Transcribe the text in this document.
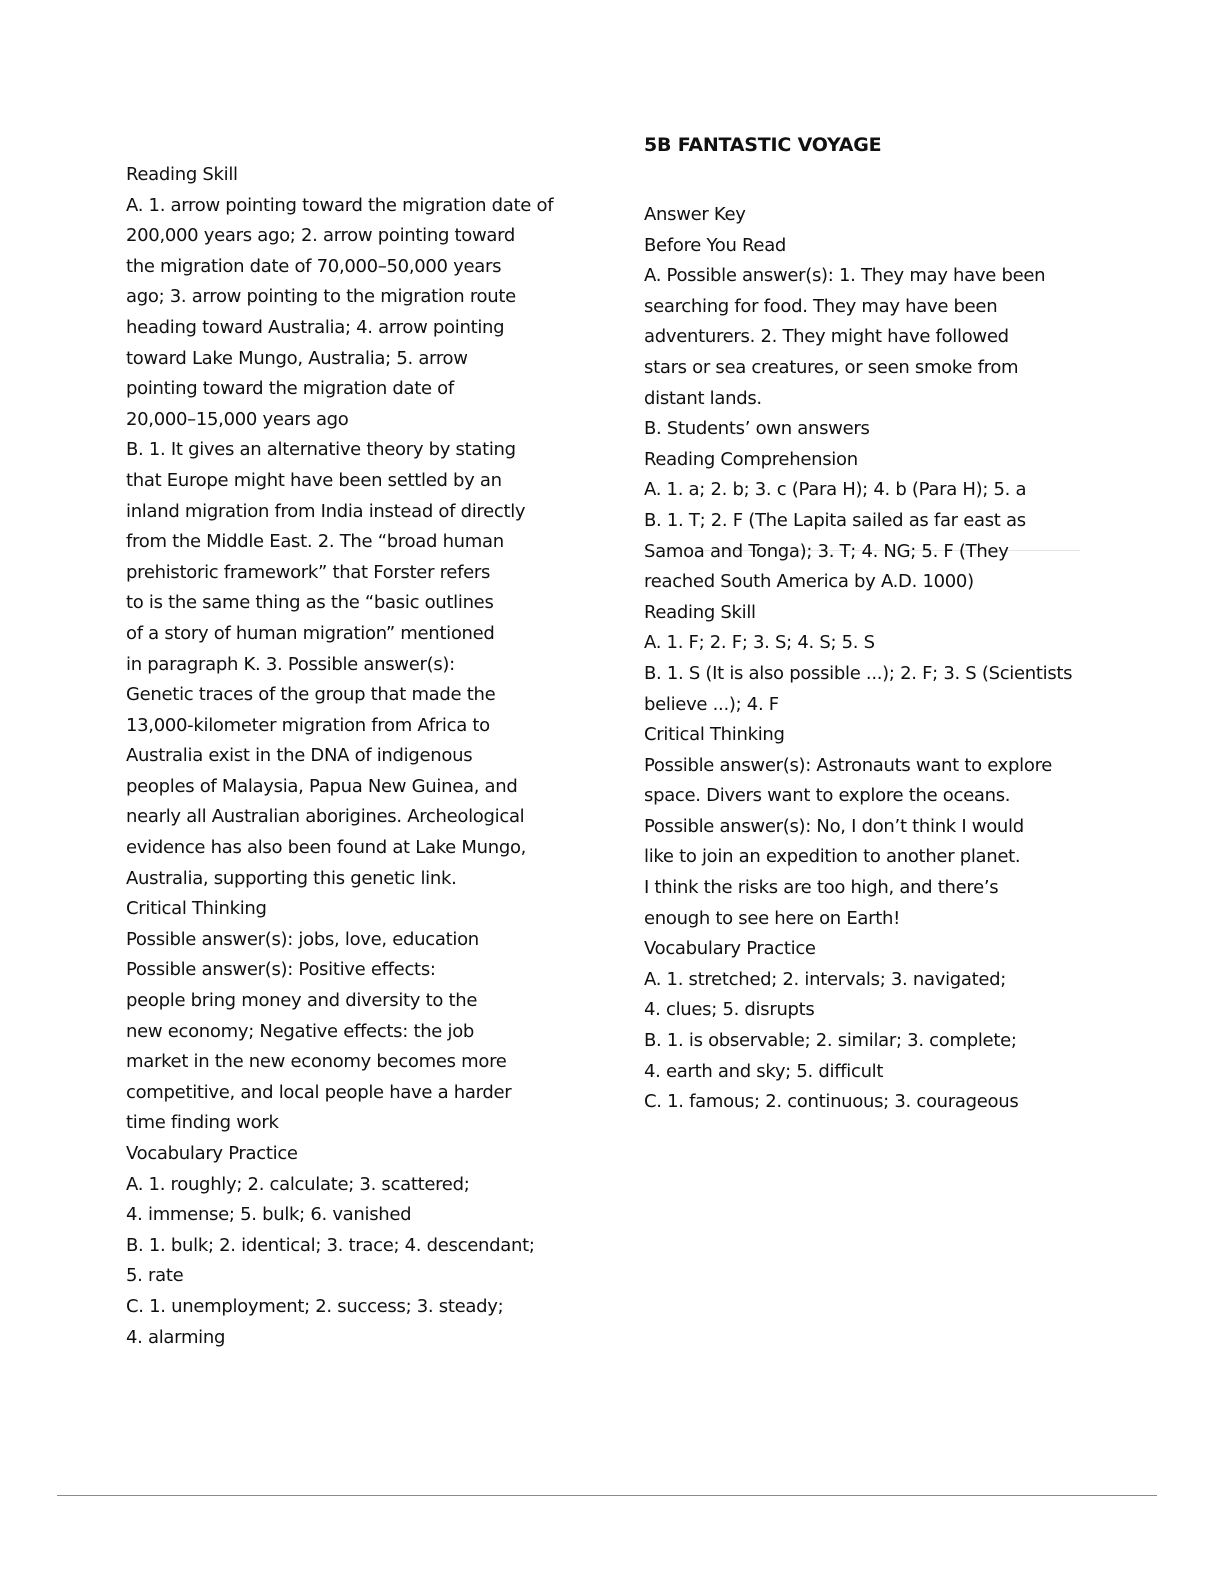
5B FANTASTIC VOYAGE
Reading Skill
A. 1. arrow pointing toward the migration date of
200,000 years ago; 2. arrow pointing toward
the migration date of 70,000–50,000 years
ago; 3. arrow pointing to the migration route
heading toward Australia; 4. arrow pointing
toward Lake Mungo, Australia; 5. arrow
pointing toward the migration date of
20,000–15,000 years ago
B. 1. It gives an alternative theory by stating
that Europe might have been settled by an
inland migration from India instead of directly
from the Middle East. 2. The “broad human
prehistoric framework” that Forster refers
to is the same thing as the “basic outlines
of a story of human migration” mentioned
in paragraph K. 3. Possible answer(s):
Genetic traces of the group that made the
13,000-kilometer migration from Africa to
Australia exist in the DNA of indigenous
peoples of Malaysia, Papua New Guinea, and
nearly all Australian aborigines. Archeological
evidence has also been found at Lake Mungo,
Australia, supporting this genetic link.
Critical Thinking
Possible answer(s): jobs, love, education
Possible answer(s): Positive effects:
people bring money and diversity to the
new economy; Negative effects: the job
market in the new economy becomes more
competitive, and local people have a harder
time finding work
Vocabulary Practice
A. 1. roughly; 2. calculate; 3. scattered;
4. immense; 5. bulk; 6. vanished
B. 1. bulk; 2. identical; 3. trace; 4. descendant;
5. rate
C. 1. unemployment; 2. success; 3. steady;
4. alarming
Answer Key
Before You Read
A. Possible answer(s): 1. They may have been
searching for food. They may have been
adventurers. 2. They might have followed
stars or sea creatures, or seen smoke from
distant lands.
B. Students’ own answers
Reading Comprehension
A. 1. a; 2. b; 3. c (Para H); 4. b (Para H); 5. a
B. 1. T; 2. F (The Lapita sailed as far east as
Samoa and Tonga); 3. T; 4. NG; 5. F (They
reached South America by A.D. 1000)
Reading Skill
A. 1. F; 2. F; 3. S; 4. S; 5. S
B. 1. S (It is also possible ...); 2. F; 3. S (Scientists
believe ...); 4. F
Critical Thinking
Possible answer(s): Astronauts want to explore
space. Divers want to explore the oceans.
Possible answer(s): No, I don’t think I would
like to join an expedition to another planet.
I think the risks are too high, and there’s
enough to see here on Earth!
Vocabulary Practice
A. 1. stretched; 2. intervals; 3. navigated;
4. clues; 5. disrupts
B. 1. is observable; 2. similar; 3. complete;
4. earth and sky; 5. difficult
C. 1. famous; 2. continuous; 3. courageous
